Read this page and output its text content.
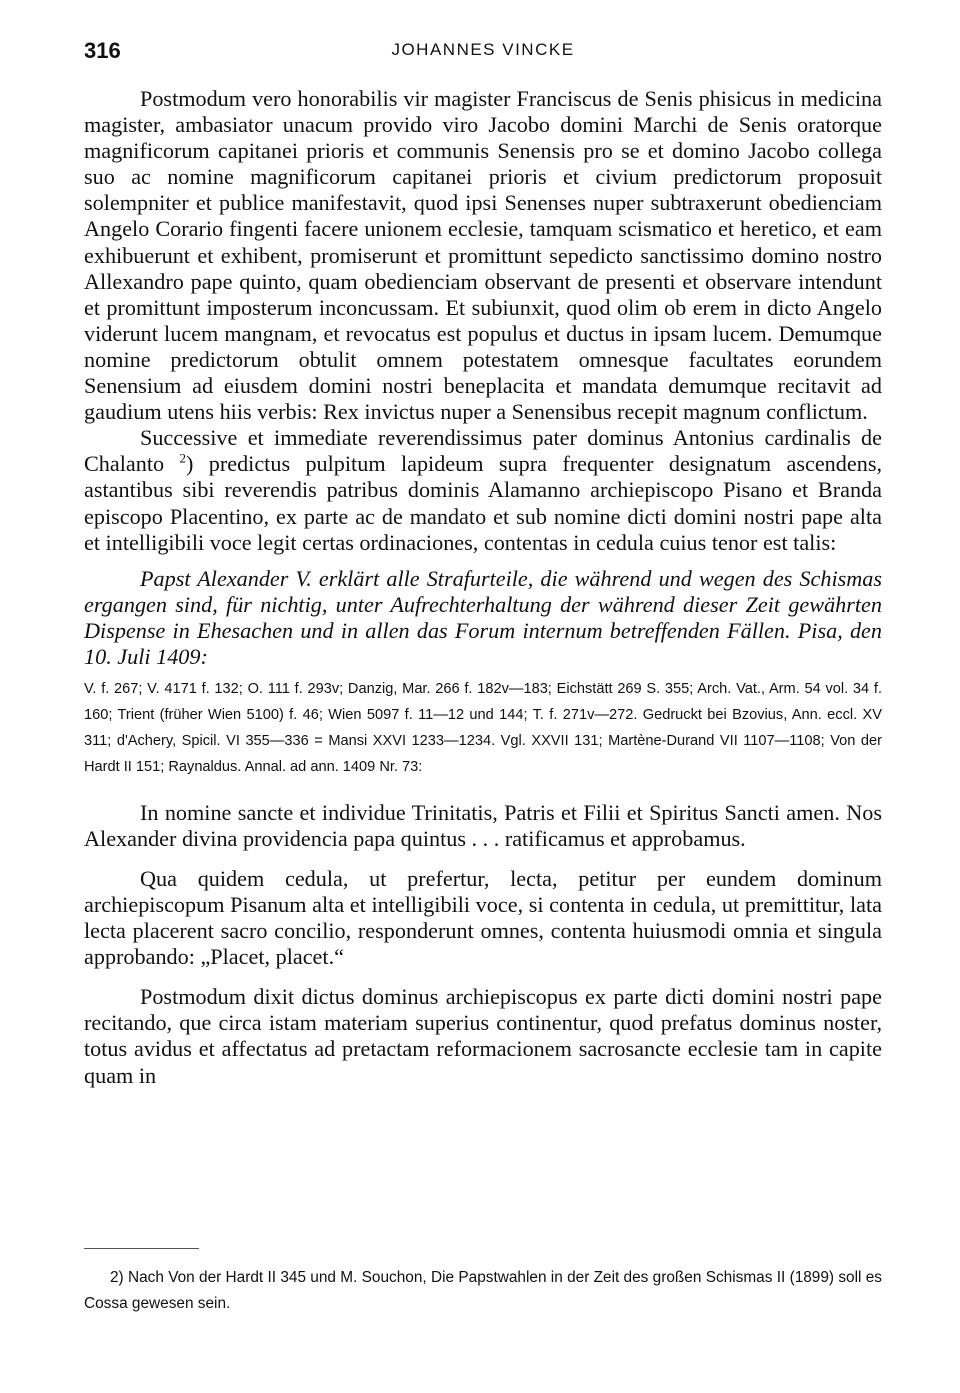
316	JOHANNES VINCKE

Postmodum vero honorabilis vir magister Franciscus de Senis phisicus in medicina magister, ambasiator unacum provido viro Jacobo domini Marchi de Senis oratorque magnificorum capitanei prioris et communis Senensis pro se et domino Jacobo collega suo ac nomine magnificorum capitanei prioris et civium predictorum proposuit solempniter et publice manifestavit, quod ipsi Senenses nuper subtraxerunt obedienciam Angelo Corario fingenti facere unionem ecclesie, tamquam scismatico et heretico, et eam exhibuerunt et exhibent, promiserunt et promittunt sepedicto sanctissimo domino nostro Allexandro pape quinto, quam obedienciam observant de presenti et observare intendunt et promittunt imposterum inconcussam. Et subiunxit, quod olim ob erem in dicto Angelo viderunt lucem mangnam, et revocatus est populus et ductus in ipsam lucem. Demumque nomine predictorum obtulit omnem potestatem omnesque facultates eorundem Senensium ad eiusdem domini nostri beneplacita et mandata demumque recitavit ad gaudium utens hiis verbis: Rex invictus nuper a Senensibus recepit magnum conflictum.

Successive et immediate reverendissimus pater dominus Antonius cardinalis de Chalanto $^2$) predictus pulpitum lapideum supra frequenter designatum ascendens, astantibus sibi reverendis patribus dominis Alamanno archiepiscopo Pisano et Branda episcopo Placentino, ex parte ac de mandato et sub nomine dicti domini nostri pape alta et intelligibili voce legit certas ordinaciones, contentas in cedula cuius tenor est talis:

Papst Alexander V. erklärt alle Strafurteile, die während und wegen des Schismas ergangen sind, für nichtig, unter Aufrechterhaltung der während dieser Zeit gewährten Dispense in Ehesachen und in allen das Forum internum betreffenden Fällen. Pisa, den 10. Juli 1409:

V. f. 267; V. 4171 f. 132; O. 111 f. 293v; Danzig, Mar. 266 f. 182v—183; Eichstätt 269 S. 355; Arch. Vat., Arm. 54 vol. 34 f. 160; Trient (früher Wien 5100) f. 46; Wien 5097 f. 11—12 und 144; T. f. 271v—272. Gedruckt bei Bzovius, Ann. eccl. XV 311; d'Achery, Spicil. VI 355—336 = Mansi XXVI 1233—1234. Vgl. XXVII 131; Martène-Durand VII 1107—1108; Von der Hardt II 151; Raynaldus. Annal. ad ann. 1409 Nr. 73:

In nomine sancte et individue Trinitatis, Patris et Filii et Spiritus Sancti amen. Nos Alexander divina providencia papa quintus . . . ratificamus et approbamus.

Qua quidem cedula, ut prefertur, lecta, petitur per eundem dominum archiepiscopum Pisanum alta et intelligibili voce, si contenta in cedula, ut premittitur, lata lecta placerent sacro concilio, responderunt omnes, contenta huiusmodi omnia et singula approbando: „Placet, placet.“

Postmodum dixit dictus dominus archiepiscopus ex parte dicti domini nostri pape recitando, que circa istam materiam superius continentur, quod prefatus dominus noster, totus avidus et affectatus ad pretactam reformacionem sacrosancte ecclesie tam in capite quam in

2) Nach Von der Hardt II 345 und M. Souchon, Die Papstwahlen in der Zeit des großen Schismas II (1899) soll es Cossa gewesen sein.
